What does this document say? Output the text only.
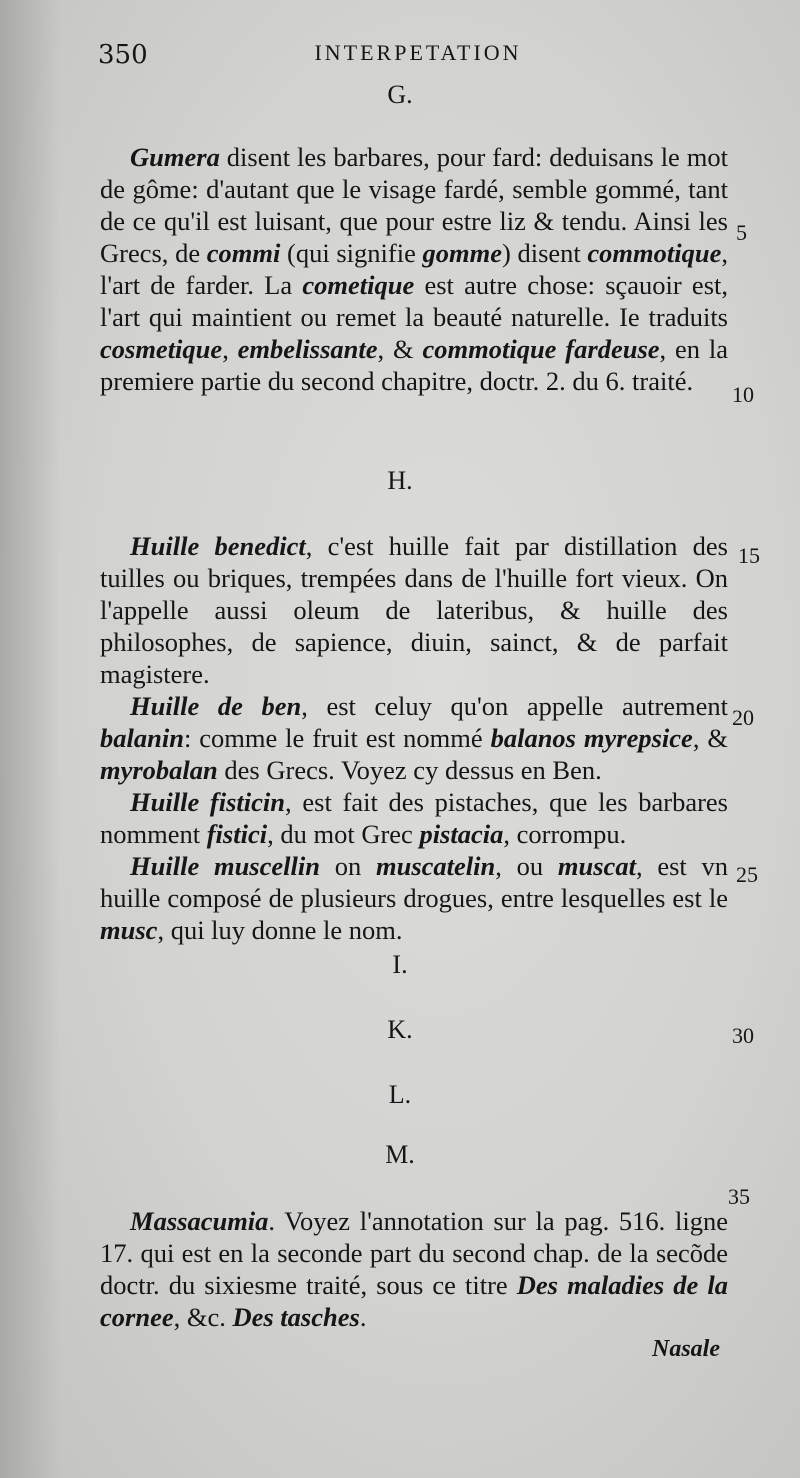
350	INTERPETATION
G.

Gumera disent les barbares, pour fard: deduisans le mot de gôme: d'autant que le visage fardé, semble gommé, tant de ce qu'il est luisant, que pour estre liz & tendu. Ainsi les Grecs, de commi (qui signifie gomme) disent commotique, l'art de farder. La cometique est autre chose: sçauoir est, l'art qui maintient ou remet la beauté naturelle. Ie traduits cosmetique, embelissante, & commotique fardeuse, en la premiere partie du second chapitre, doctr. 2. du 6. traité.

H.

Huille benedict, c'est huille fait par distillation des tuilles ou briques, trempées dans de l'huille fort vieux. On l'appelle aussi oleum de lateribus, & huille des philosophes, de sapience, diuin, sainct, & de parfait magistere.

Huille de ben, est celuy qu'on appelle autrement balanin: comme le fruit est nommé balanos myrepsice, & myrobalan des Grecs. Voyez cy dessus en Ben.

Huille fisticin, est fait des pistaches, que les barbares nomment fistici, du mot Grec pistacia, corrompu.

Huille muscellin on muscatelin, ou muscat, est vn huille composé de plusieurs drogues, entre lesquelles est le musc, qui luy donne le nom.

I.
K.
L.
M.

Massacumia. Voyez l'annotation sur la pag. 516. ligne 17. qui est en la seconde part du second chap. de la secõde doctr. du sixiesme traité, sous ce titre Des maladies de la cornee, &c. Des tasches.

5
10
15
20
25
30
35
Nasale
